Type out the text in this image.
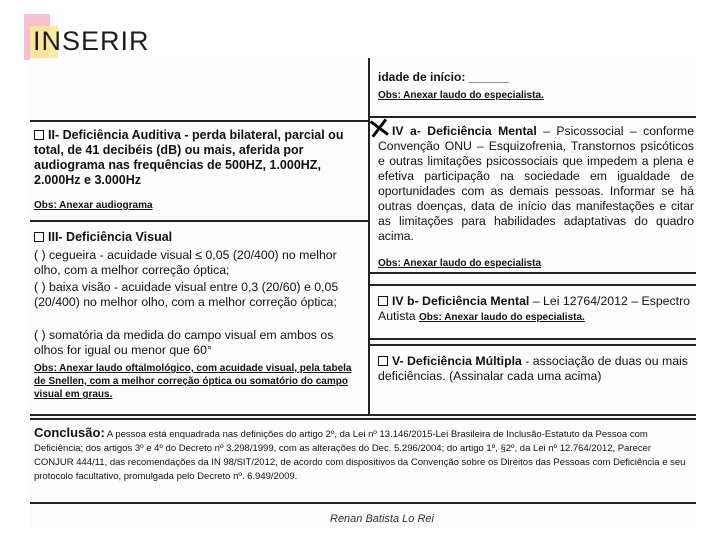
INSERIR
idade de início: ______
Obs: Anexar laudo do especialista.
II- Deficiência Auditiva - perda bilateral, parcial ou total, de 41 decibéis (dB) ou mais, aferida por audiograma nas frequências de 500HZ, 1.000HZ, 2.000Hz e 3.000Hz
Obs: Anexar audiograma
IV a- Deficiência Mental – Psicossocial – conforme Convenção ONU – Esquizofrenia, Transtornos psicóticos e outras limitações psicossociais que impedem a plena e efetiva participação na sociedade em igualdade de oportunidades com as demais pessoas. Informar se há outras doenças, data de início das manifestações e citar as limitações para habilidades adaptativas do quadro acima.
Obs: Anexar laudo do especialista
✕
III- Deficiência Visual
( ) cegueira - acuidade visual ≤ 0,05 (20/400) no melhor olho, com a melhor correção óptica;
( ) baixa visão - acuidade visual entre 0,3 (20/60) e 0,05 (20/400) no melhor olho, com a melhor correção óptica;
( ) somatória da medida do campo visual em ambos os olhos for igual ou menor que 60°
Obs: Anexar laudo oftalmológico, com acuidade visual, pela tabela de Snellen, com a melhor correção óptica ou somatório do campo visual em graus.
IV b- Deficiência Mental – Lei 12764/2012 – Espectro Autista Obs: Anexar laudo do especialista.
V- Deficiência Múltipla - associação de duas ou mais deficiências. (Assinalar cada uma acima)
Conclusão: A pessoa está enquadrada nas definições do artigo 2º, da Lei nº 13.146/2015-Lei Brasileira de Inclusão-Estatuto da Pessoa com Deficiência; dos artigos 3º e 4º do Decreto nº 3.298/1999, com as alterações do Dec. 5.296/2004; do artigo 1º, §2º, da Lei nº 12.764/2012, Parecer CONJUR 444/11, das recomendações da IN 98/SIT/2012, de acordo com dispositivos da Convenção sobre os Direitos das Pessoas com Deficiência e seu protocolo facultativo, promulgada pelo Decreto nº. 6.949/2009.
Renan Batista Lo Rei
